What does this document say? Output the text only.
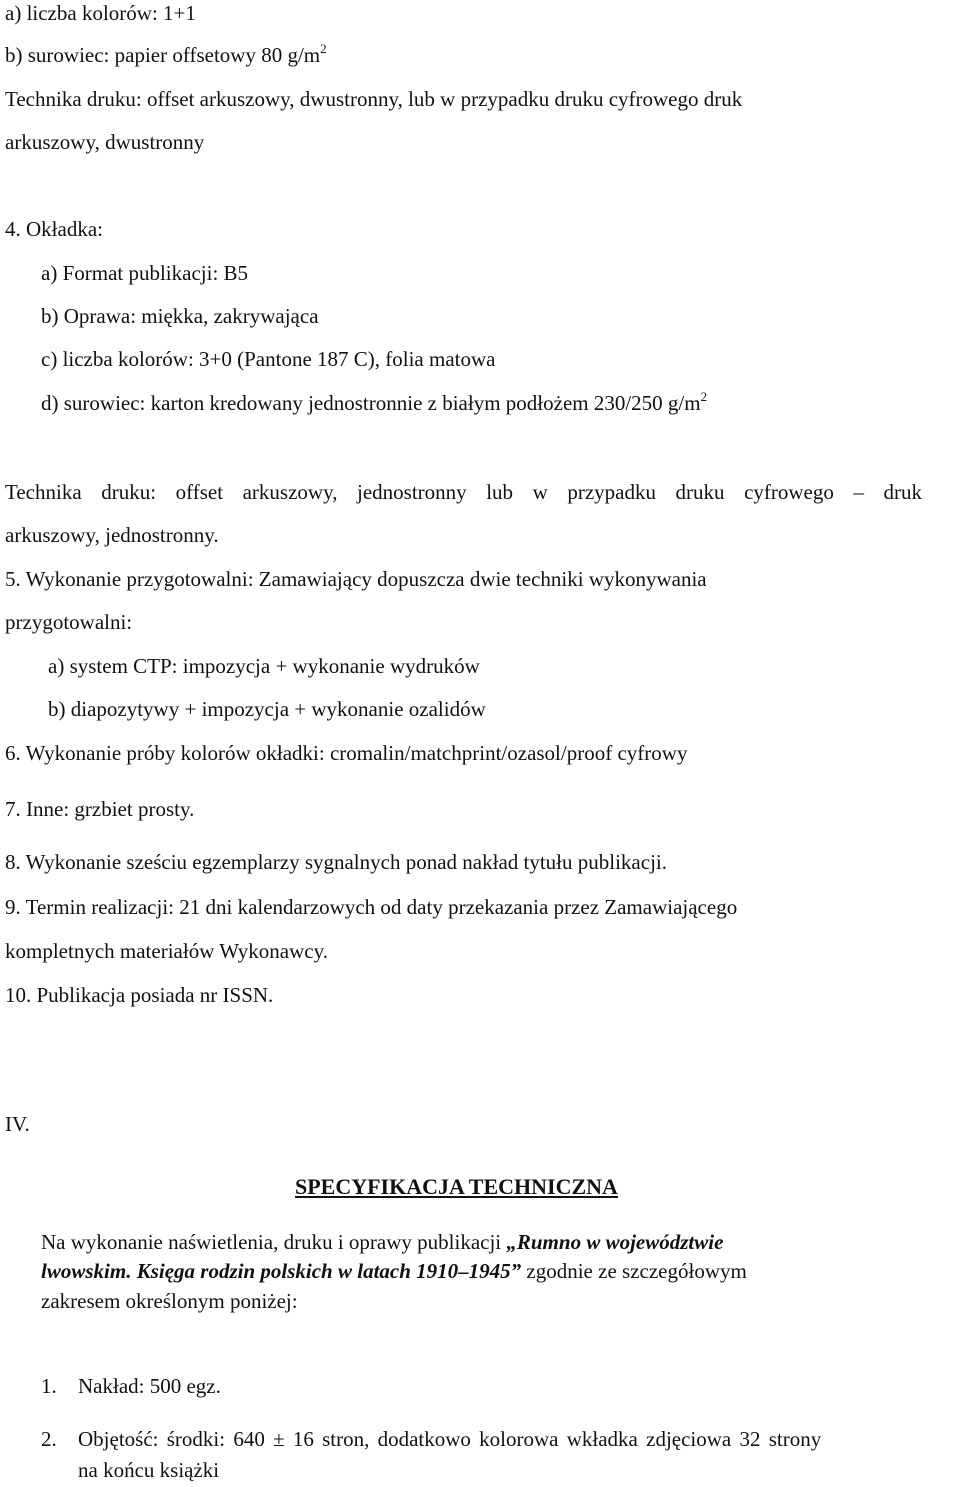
a) liczba kolorów: 1+1

b) surowiec: papier offsetowy 80 $g/m^2$

Technika druku: offset arkuszowy, dwustronny, lub w przypadku druku cyfrowego druk

arkuszowy, dwustronny

4. Okładka:

a) Format publikacji: B5

b) Oprawa: miękka, zakrywająca

c) liczba kolorów: 3+0 (Pantone 187 C), folia matowa

d) surowiec: karton kredowany jednostronnie z białym podłożem 230/250 $g/m^2$

Technika druku: offset arkuszowy, jednostronny lub w przypadku druku cyfrowego – druk

arkuszowy, jednostronny.

5. Wykonanie przygotowalni: Zamawiający dopuszcza dwie techniki wykonywania

przygotowalni:

a) system CTP: impozycja + wykonanie wydruków

b) diapozytywy + impozycja + wykonanie ozalidów

6. Wykonanie próby kolorów okładki: cromalin/matchprint/ozasol/proof cyfrowy

7. Inne: grzbiet prosty.

8. Wykonanie sześciu egzemplarzy sygnalnych ponad nakład tytułu publikacji.

9. Termin realizacji: 21 dni kalendarzowych od daty przekazania przez Zamawiającego

kompletnych materiałów Wykonawcy.

10. Publikacja posiada nr ISSN.

IV.

SPECYFIKACJA TECHNICZNA

Na wykonanie naświetlenia, druku i oprawy publikacji „Rumno w województwie

lwowskim. Księga rodzin polskich w latach 1910–1945” zgodnie ze szczegółowym

zakresem określonym poniżej:

1. Nakład: 500 egz.

2. Objętość: środki: 640 ± 16 stron, dodatkowo kolorowa wkładka zdjęciowa 32 strony

na końcu książki
